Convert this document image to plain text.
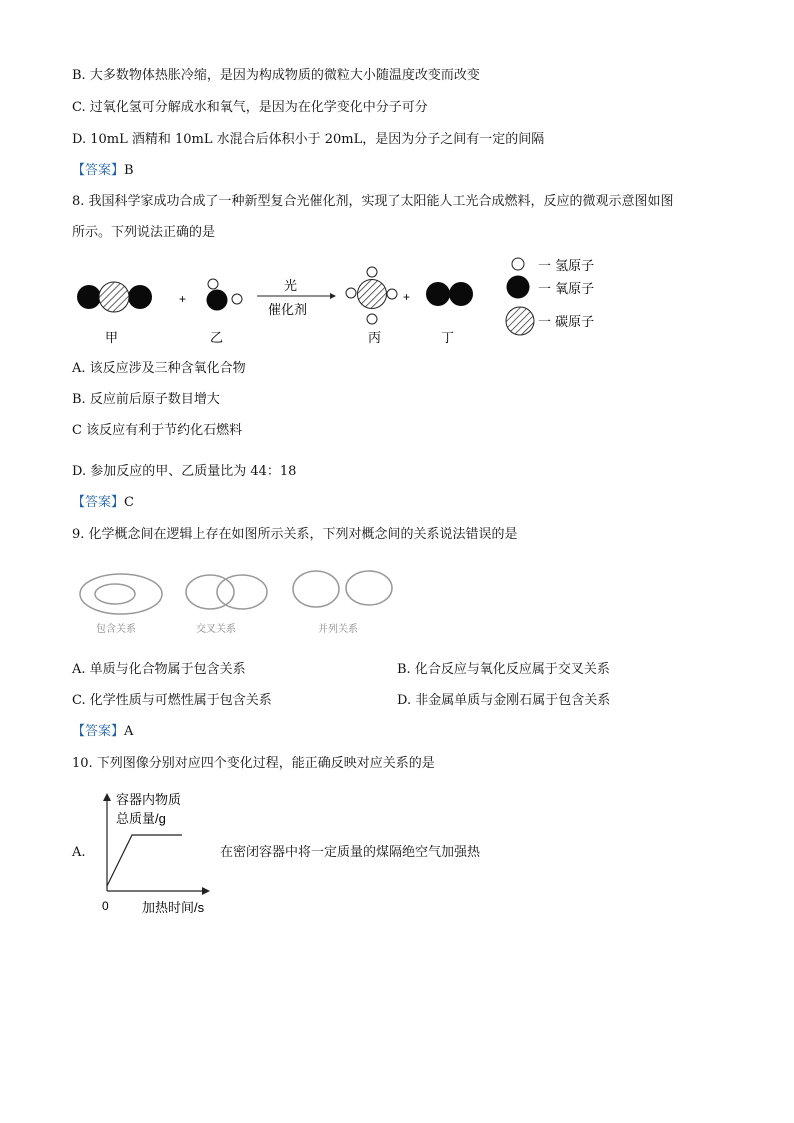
B. 大多数物体热胀冷缩，是因为构成物质的微粒大小随温度改变而改变
C. 过氧化氢可分解成水和氧气，是因为在化学变化中分子可分
D. 10mL 酒精和 10mL 水混合后体积小于 20mL，是因为分子之间有一定的间隔
【答案】B
8. 我国科学家成功合成了一种新型复合光催化剂，实现了太阳能人工光合成燃料，反应的微观示意图如图
所示。下列说法正确的是
+
光
催化剂
+
甲	乙	丙	丁
一 氢原子
一 氧原子
一 碳原子
A. 该反应涉及三种含氧化合物
B. 反应前后原子数目增大
C 该反应有利于节约化石燃料
D. 参加反应的甲、乙质量比为 44：18
【答案】C
9. 化学概念间在逻辑上存在如图所示关系，下列对概念间的关系说法错误的是
包含关系	交叉关系	并列关系
A. 单质与化合物属于包含关系	B. 化合反应与氧化反应属于交叉关系
C. 化学性质与可燃性属于包含关系	D. 非金属单质与金刚石属于包含关系
【答案】A
10. 下列图像分别对应四个变化过程，能正确反映对应关系的是
A.
容器内物质
总质量/g
0	加热时间/s
在密闭容器中将一定质量的煤隔绝空气加强热
